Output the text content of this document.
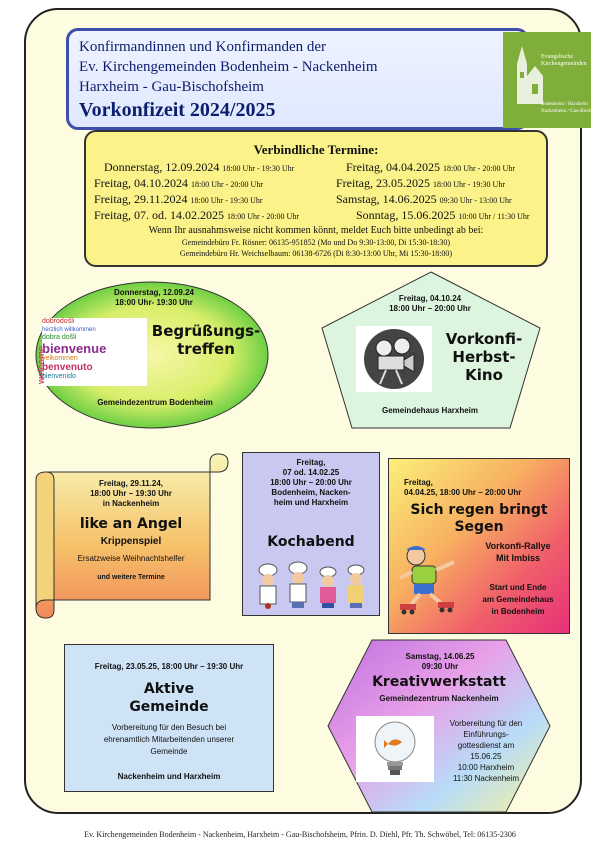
Konfirmandinnen und Konfirmanden der
Ev. Kirchengemeinden Bodenheim - Nackenheim
Harxheim - Gau-Bischofsheim
Vorkonfizeit 2024/2025
Evangelische
Kirchengemeinden
Bodenheim / Harxheim
Nackenheim / Gau-Bischofsheim
Verbindliche Termine:
Donnerstag, 12.09.2024 18:00 Uhr - 19:30 Uhr
Freitag, 04.10.2024 18:00 Uhr - 20:00 Uhr
Freitag, 29.11.2024 18:00 Uhr - 19:30 Uhr
Freitag, 07. od. 14.02.2025 18:00 Uhr - 20:00 Uhr
Freitag, 04.04.2025 18:00 Uhr - 20:00 Uhr
Freitag, 23.05.2025 18:00 Uhr - 19:30 Uhr
Samstag, 14.06.2025 09:30 Uhr - 13:00 Uhr
Sonntag, 15.06.2025 10:00 Uhr / 11:30 Uhr
Wenn Ihr ausnahmsweise nicht kommen könnt, meldet Euch bitte unbedingt ab bei:
Gemeindebüro Fr. Rösner: 06135-951852 (Mo und Do 9:30-13:00, Di 15:30-18:30)
Gemeindebüro Hr. Weichselbaum: 06138-6726 (Di 8:30-13:00 Uhr, Mi 15:30-18:00)
dobrodošli
herzlich willkommen
dobra došli
bienvenue
velkommen
benvenuto
bienvenido
welcome
Donnerstag, 12.09.24
18:00 Uhr- 19:30 Uhr
Begrüßungs-
treffen
Gemeindezentrum Bodenheim
Freitag, 04.10.24
18:00 Uhr – 20:00 Uhr
Vorkonfi-
Herbst-Kino
Gemeindehaus Harxheim
Freitag, 29.11.24,
18:00 Uhr – 19:30 Uhr
in Nackenheim
like an Angel
Krippenspiel
Ersatzweise Weihnachtshelfer
und weitere Termine
Freitag,
07 od. 14.02.25
18:00 Uhr – 20:00 Uhr
Bodenheim, Nacken-
heim und Harxheim
Kochabend
Freitag,
04.04.25, 18:00 Uhr – 20:00 Uhr
Sich regen bringt
Segen
Vorkonfi-Rallye
Mit Imbiss
Start und Ende
am Gemeindehaus
in Bodenheim
Freitag, 23.05.25, 18:00 Uhr – 19:30 Uhr
Aktive
Gemeinde
Vorbereitung für den Besuch bei
ehrenamtlich Mitarbeitenden unserer
Gemeinde
Nackenheim und Harxheim
Samstag, 14.06.25
09:30 Uhr
Kreativwerkstatt
Gemeindezentrum Nackenheim
Vorbereitung für den
Einführungs-
gottesdienst am
15.06.25
10:00 Harxheim
11:30 Nackenheim
Ev. Kirchengemeinden Bodenheim - Nackenheim, Harxheim - Gau-Bischofsheim, Pfrin. D. Diehl, Pfr. Th. Schwöbel, Tel: 06135-2306
